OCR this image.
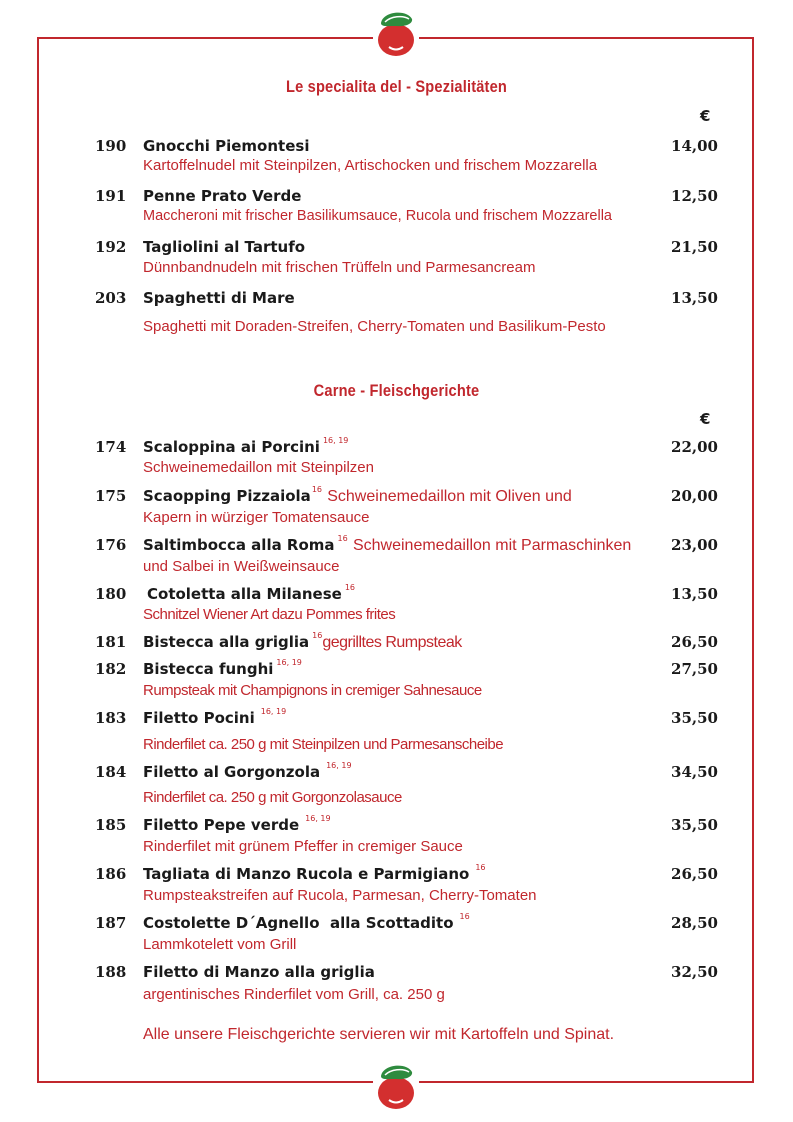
Le specialita del - Spezialitäten
€
190 Gnocchi Piemontesi	14,00
Kartoffelnudel mit Steinpilzen, Artischocken und frischem Mozzarella
191 Penne Prato Verde	12,50
Maccheroni mit frischer Basilikumsauce, Rucola und frischem Mozzarella
192 Tagliolini al Tartufo	21,50
Dünnbandnudeln mit frischen Trüffeln und Parmesancream
203 Spaghetti di Mare	13,50
Spaghetti mit Doraden-Streifen, Cherry-Tomaten und Basilikum-Pesto
Carne - Fleischgerichte
€
174 Scaloppina ai Porcini $^{16, 19}$	22,00
Schweinemedaillon mit Steinpilzen
175 Scaopping Pizzaiola$^{16}$ Schweinemedaillon mit Oliven und	20,00
Kapern in würziger Tomatensauce
176 Saltimbocca alla Roma $^{16}$ Schweinemedaillon mit Parmaschinken	23,00
und Salbei in Weißweinsauce
180 Cotoletta alla Milanese $^{16}$	13,50
Schnitzel Wiener Art dazu Pommes frites
181 Bistecca alla griglia $^{16}$gegrilltes Rumpsteak	26,50
182 Bistecca funghi $^{16, 19}$	27,50
Rumpsteak mit Champignons in cremiger Sahnesauce
183 Filetto Pocini $^{16, 19}$	35,50
Rinderfilet ca. 250 g mit Steinpilzen und Parmesanscheibe
184 Filetto al Gorgonzola $^{16, 19}$	34,50
Rinderfilet ca. 250 g mit Gorgonzolasauce
185 Filetto Pepe verde $^{16, 19}$	35,50
Rinderfilet mit grünem Pfeffer in cremiger Sauce
186 Tagliata di Manzo Rucola e Parmigiano $^{16}$	26,50
Rumpsteakstreifen auf Rucola, Parmesan, Cherry-Tomaten
187 Costolette D´Agnello  alla Scottadito $^{16}$	28,50
Lammkotelett vom Grill
188 Filetto di Manzo alla griglia	32,50
argentinisches Rinderfilet vom Grill, ca. 250 g
Alle unsere Fleischgerichte servieren wir mit Kartoffeln und Spinat.
